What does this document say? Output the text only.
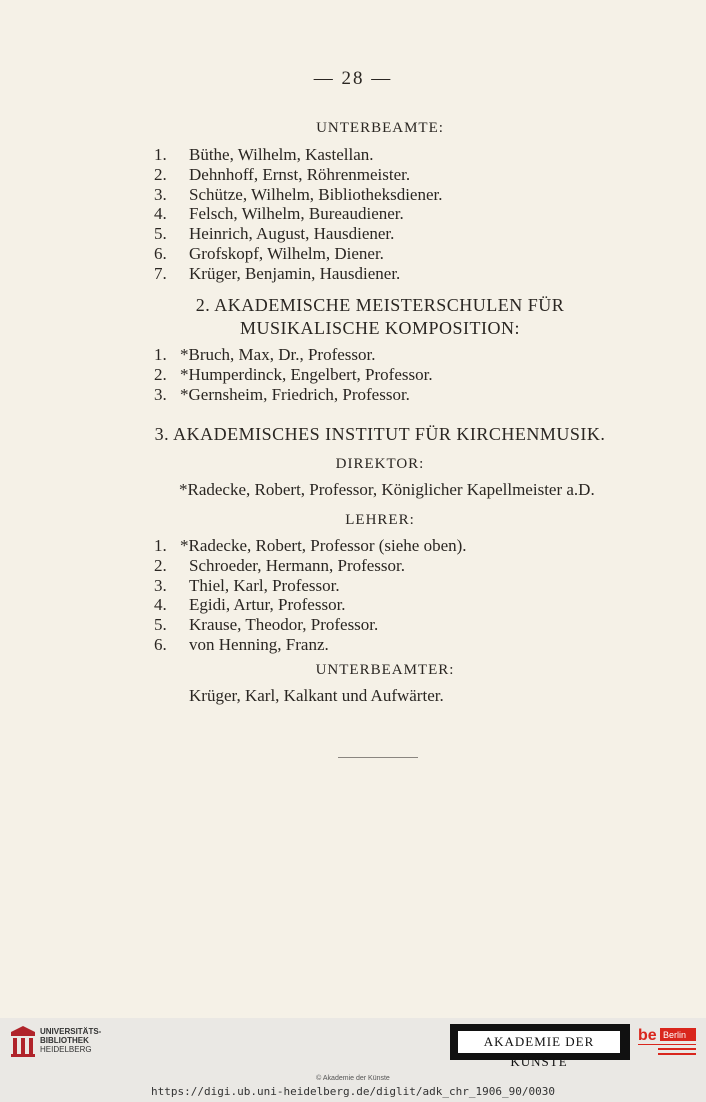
— 28 —
UNTERBEAMTE:
1.	Büthe, Wilhelm, Kastellan.
2.	Dehnhoff, Ernst, Röhrenmeister.
3.	Schütze, Wilhelm, Bibliotheksdiener.
4.	Felsch, Wilhelm, Bureaudiener.
5.	Heinrich, August, Hausdiener.
6.	Grofskopf, Wilhelm, Diener.
7.	Krüger, Benjamin, Hausdiener.
2. AKADEMISCHE MEISTERSCHULEN FÜR
MUSIKALISCHE KOMPOSITION:
1. *Bruch, Max, Dr., Professor.
2. *Humperdinck, Engelbert, Professor.
3. *Gernsheim, Friedrich, Professor.
3. AKADEMISCHES INSTITUT FÜR KIRCHENMUSIK.
DIREKTOR:
*Radecke, Robert, Professor, Königlicher Kapellmeister a.D.
LEHRER:
1. *Radecke, Robert, Professor (siehe oben).
2.	Schroeder, Hermann, Professor.
3.	Thiel, Karl, Professor.
4.	Egidi, Artur, Professor.
5.	Krause, Theodor, Professor.
6.	von Henning, Franz.
UNTERBEAMTER:
Krüger, Karl, Kalkant und Aufwärter.
UNIVERSITÄTS-
BIBLIOTHEK
HEIDELBERG
AKADEMIE DER KÜNSTE
be Berlin
© Akademie der Künste
https://digi.ub.uni-heidelberg.de/diglit/adk_chr_1906_90/0030
